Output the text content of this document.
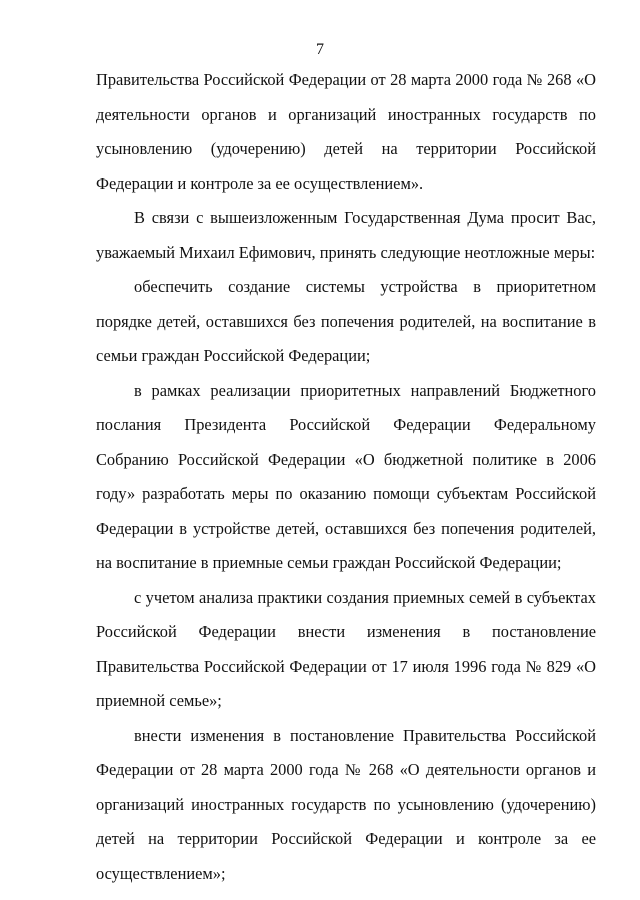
7

Правительства Российской Федерации от 28 марта 2000 года № 268 «О деятельности органов и организаций иностранных государств по усыновлению (удочерению) детей на территории Российской Федерации и контроле за ее осуществлением».

В связи с вышеизложенным Государственная Дума просит Вас, уважаемый Михаил Ефимович, принять следующие неотложные меры:

обеспечить создание системы устройства в приоритетном порядке детей, оставшихся без попечения родителей, на воспитание в семьи граждан Российской Федерации;

в рамках реализации приоритетных направлений Бюджетного послания Президента Российской Федерации Федеральному Собранию Российской Федерации «О бюджетной политике в 2006 году» разработать меры по оказанию помощи субъектам Российской Федерации в устройстве детей, оставшихся без попечения родителей, на воспитание в приемные семьи граждан Российской Федерации;

с учетом анализа практики создания приемных семей в субъектах Российской Федерации внести изменения в постановление Правительства Российской Федерации от 17 июля 1996 года № 829 «О приемной семье»;

внести изменения в постановление Правительства Российской Федерации от 28 марта 2000 года № 268 «О деятельности органов и организаций иностранных государств по усыновлению (удочерению) детей на территории Российской Федерации и контроле за ее осуществлением»;
